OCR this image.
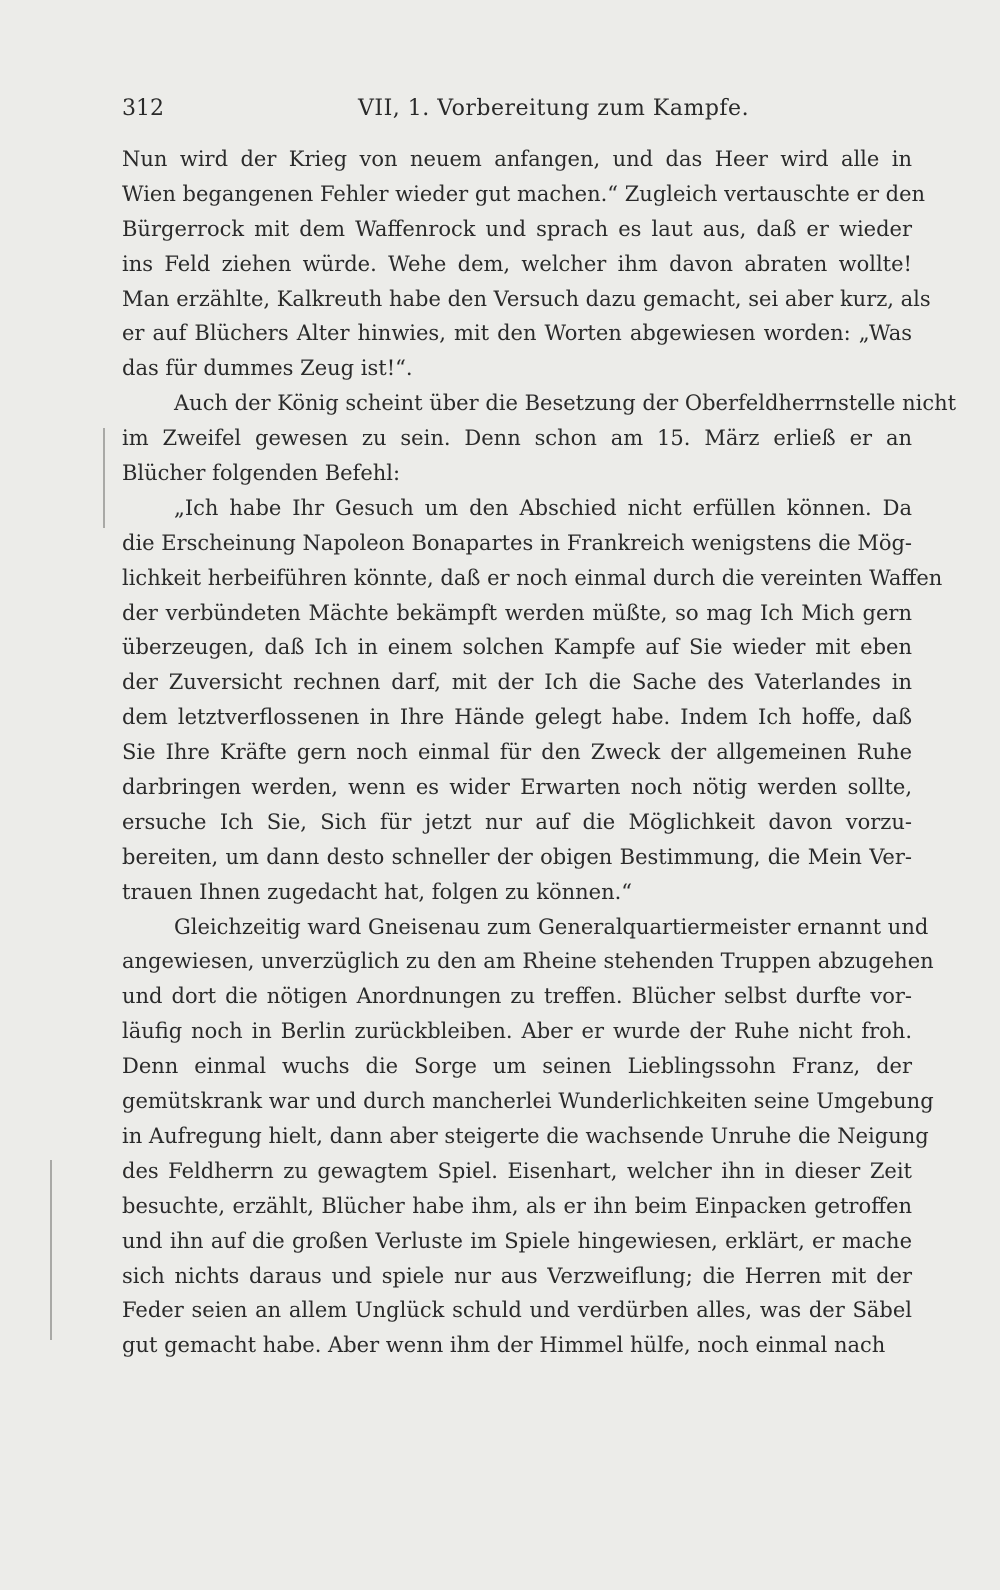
312	VII, 1. Vorbereitung zum Kampfe.
Nun wird der Krieg von neuem anfangen, und das Heer wird alle in
Wien begangenen Fehler wieder gut machen.“ Zugleich vertauschte er den
Bürgerrock mit dem Waffenrock und sprach es laut aus, daß er wieder
ins Feld ziehen würde. Wehe dem, welcher ihm davon abraten wollte!
Man erzählte, Kalkreuth habe den Versuch dazu gemacht, sei aber kurz, als
er auf Blüchers Alter hinwies, mit den Worten abgewiesen worden: „Was
das für dummes Zeug ist!“.
Auch der König scheint über die Besetzung der Oberfeldherrnstelle nicht
im Zweifel gewesen zu sein. Denn schon am 15. März erließ er an
Blücher folgenden Befehl:
„Ich habe Ihr Gesuch um den Abschied nicht erfüllen können. Da
die Erscheinung Napoleon Bonapartes in Frankreich wenigstens die Mög-
lichkeit herbeiführen könnte, daß er noch einmal durch die vereinten Waffen
der verbündeten Mächte bekämpft werden müßte, so mag Ich Mich gern
überzeugen, daß Ich in einem solchen Kampfe auf Sie wieder mit eben
der Zuversicht rechnen darf, mit der Ich die Sache des Vaterlandes in
dem letztverflossenen in Ihre Hände gelegt habe. Indem Ich hoffe, daß
Sie Ihre Kräfte gern noch einmal für den Zweck der allgemeinen Ruhe
darbringen werden, wenn es wider Erwarten noch nötig werden sollte,
ersuche Ich Sie, Sich für jetzt nur auf die Möglichkeit davon vorzu-
bereiten, um dann desto schneller der obigen Bestimmung, die Mein Ver-
trauen Ihnen zugedacht hat, folgen zu können.“
Gleichzeitig ward Gneisenau zum Generalquartiermeister ernannt und
angewiesen, unverzüglich zu den am Rheine stehenden Truppen abzugehen
und dort die nötigen Anordnungen zu treffen. Blücher selbst durfte vor-
läufig noch in Berlin zurückbleiben. Aber er wurde der Ruhe nicht froh.
Denn einmal wuchs die Sorge um seinen Lieblingssohn Franz, der
gemütskrank war und durch mancherlei Wunderlichkeiten seine Umgebung
in Aufregung hielt, dann aber steigerte die wachsende Unruhe die Neigung
des Feldherrn zu gewagtem Spiel. Eisenhart, welcher ihn in dieser Zeit
besuchte, erzählt, Blücher habe ihm, als er ihn beim Einpacken getroffen
und ihn auf die großen Verluste im Spiele hingewiesen, erklärt, er mache
sich nichts daraus und spiele nur aus Verzweiflung; die Herren mit der
Feder seien an allem Unglück schuld und verdürben alles, was der Säbel
gut gemacht habe. Aber wenn ihm der Himmel hülfe, noch einmal nach
